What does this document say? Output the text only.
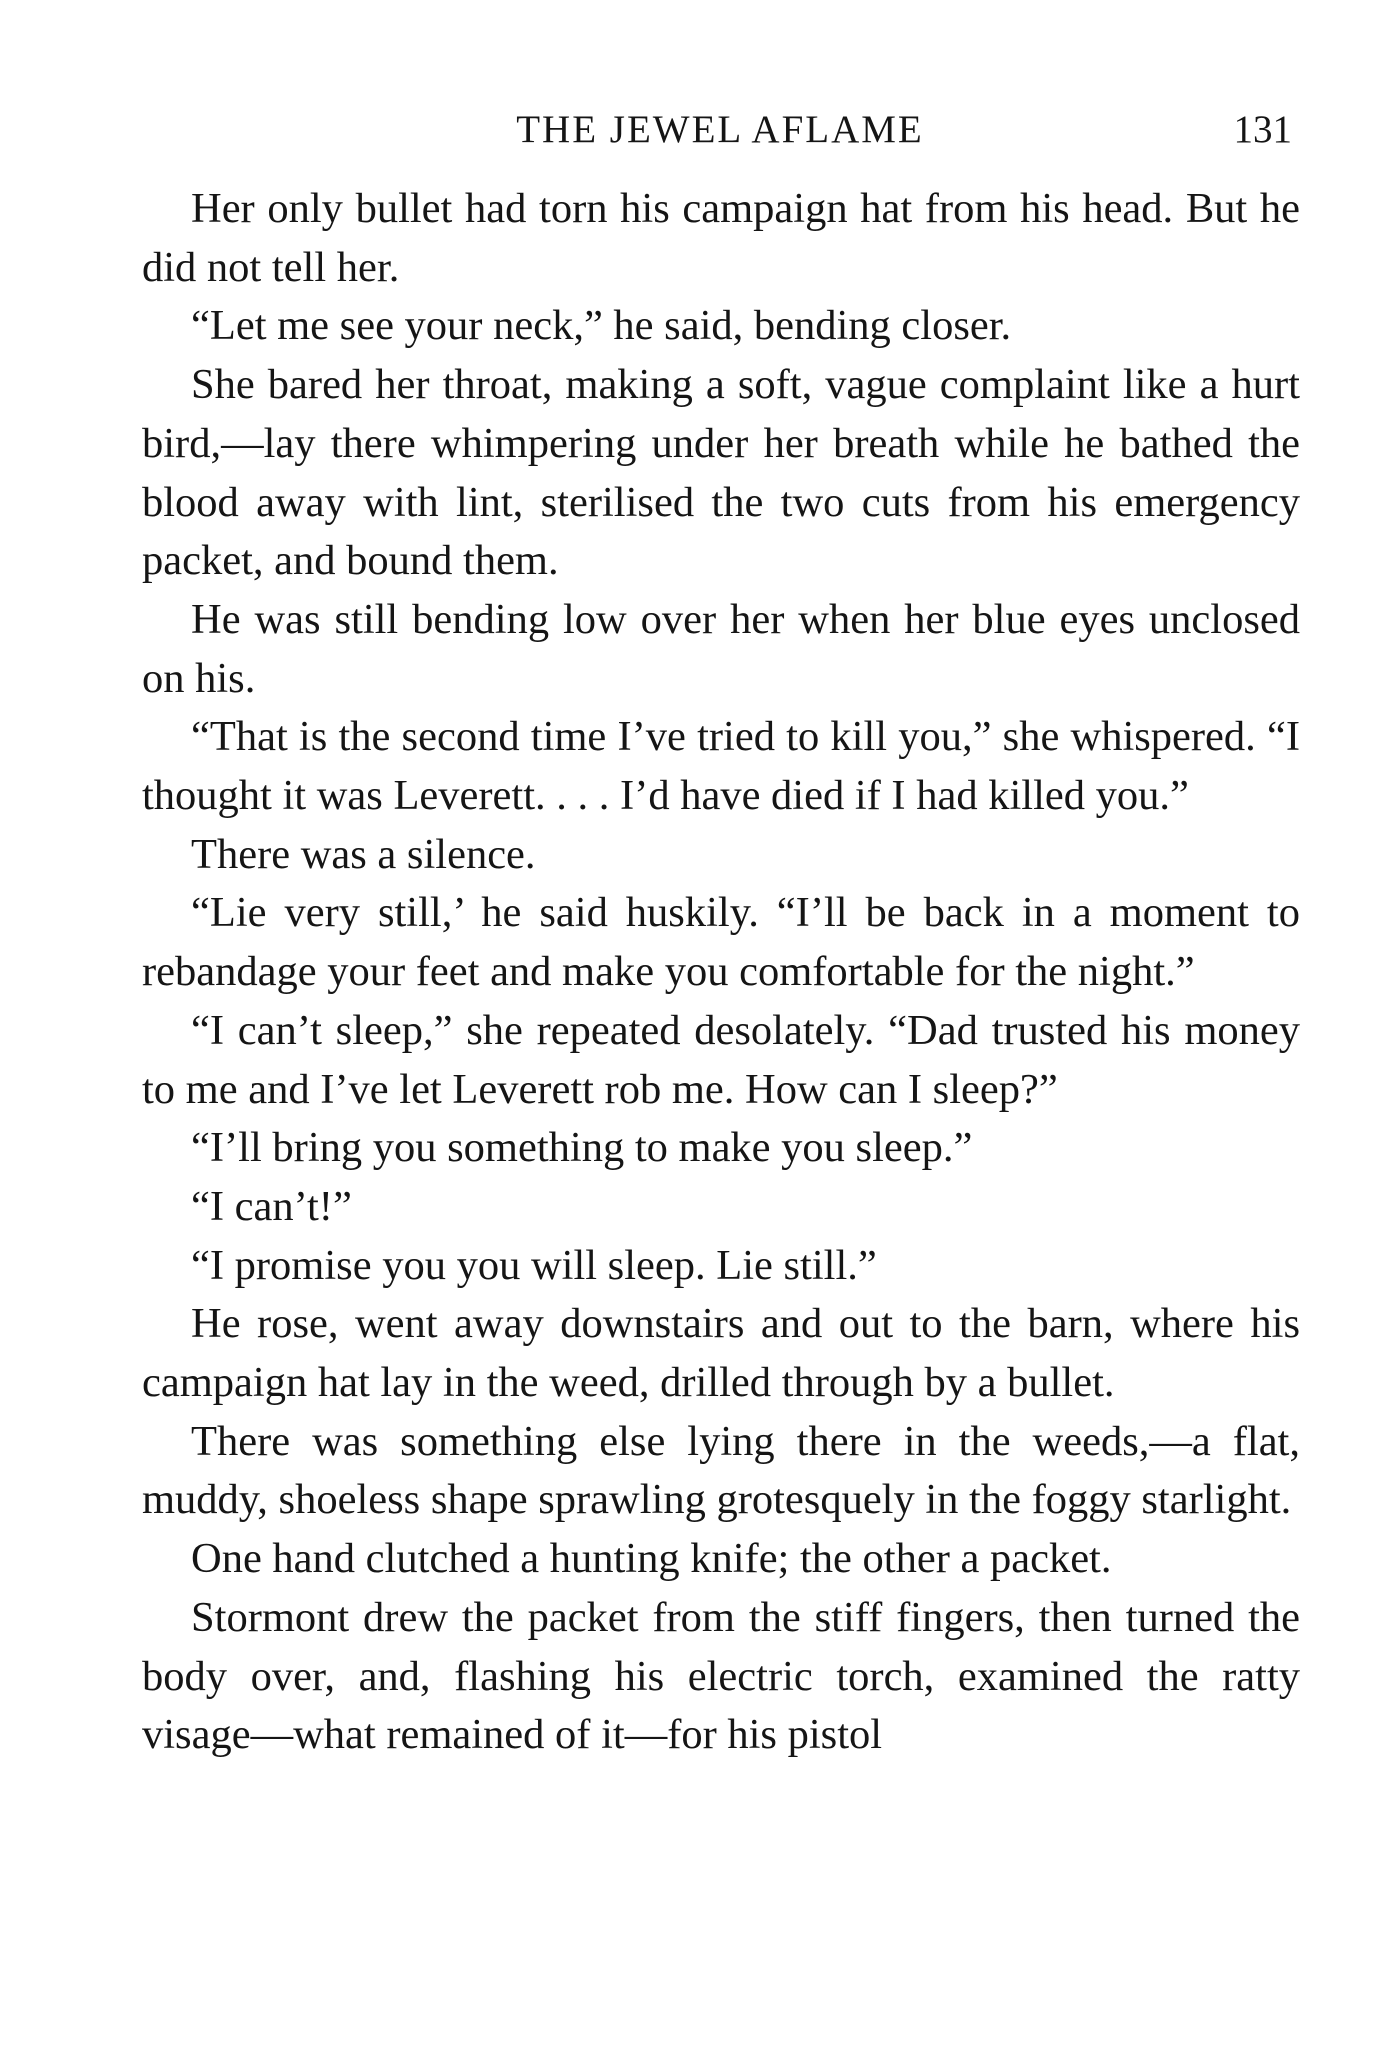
THE JEWEL AFLAME	131

Her only bullet had torn his campaign hat from his head. But he did not tell her.

“Let me see your neck,” he said, bending closer.

She bared her throat, making a soft, vague complaint like a hurt bird,—lay there whimpering under her breath while he bathed the blood away with lint, sterilised the two cuts from his emergency packet, and bound them.

He was still bending low over her when her blue eyes unclosed on his.

“That is the second time I’ve tried to kill you,” she whispered. “I thought it was Leverett. . . . I’d have died if I had killed you.”

There was a silence.

“Lie very still,’ he said huskily. “I’ll be back in a moment to rebandage your feet and make you comfortable for the night.”

“I can’t sleep,” she repeated desolately. “Dad trusted his money to me and I’ve let Leverett rob me. How can I sleep?”

“I’ll bring you something to make you sleep.”

“I can’t!”

“I promise you you will sleep. Lie still.”

He rose, went away downstairs and out to the barn, where his campaign hat lay in the weed, drilled through by a bullet.

There was something else lying there in the weeds,—a flat, muddy, shoeless shape sprawling grotesquely in the foggy starlight.

One hand clutched a hunting knife; the other a packet.

Stormont drew the packet from the stiff fingers, then turned the body over, and, flashing his electric torch, examined the ratty visage—what remained of it—for his pistol
